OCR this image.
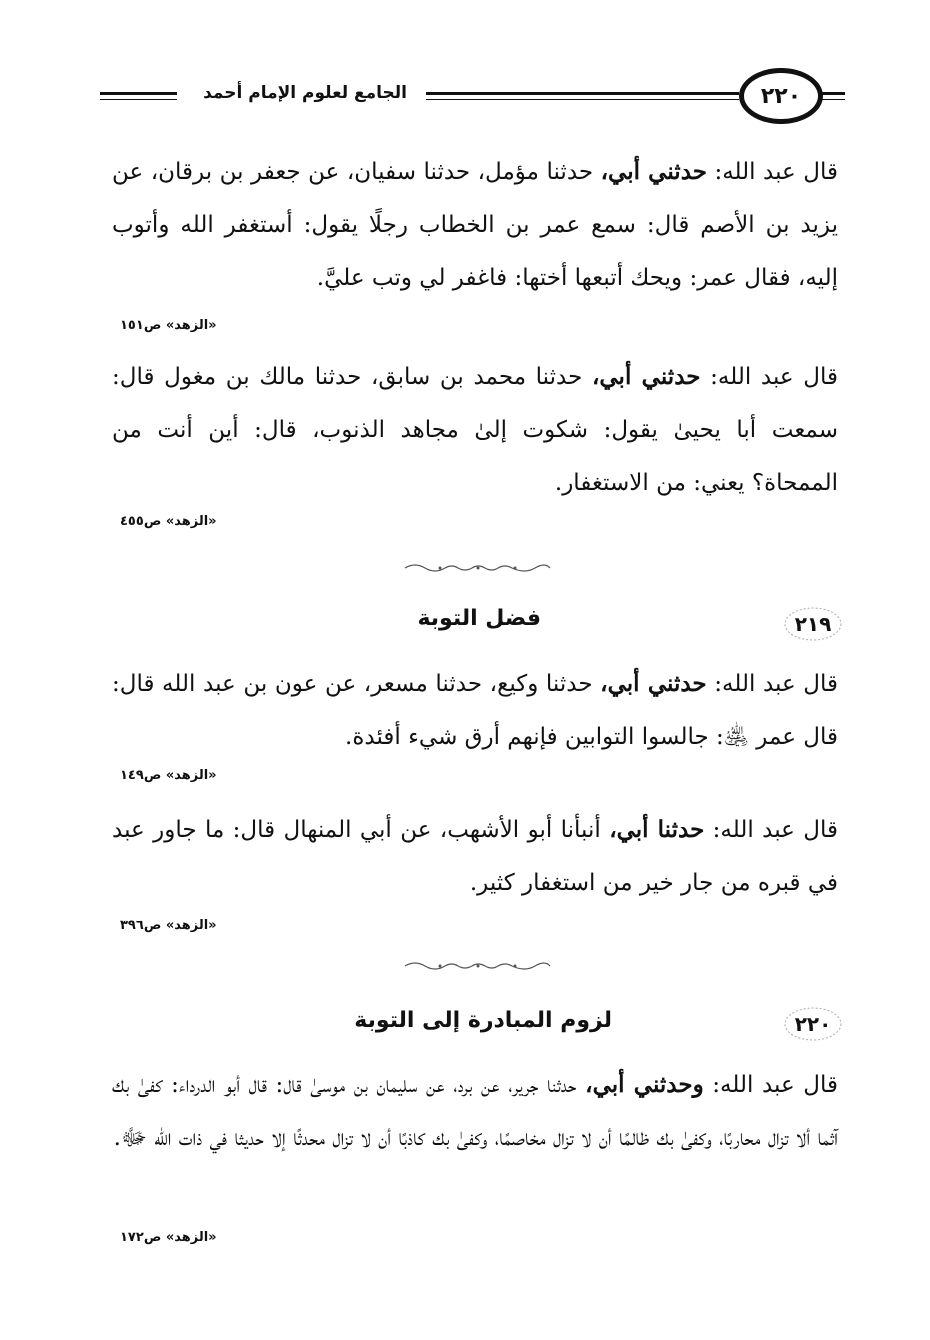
٢٢٠
الجامع لعلوم الإمام أحمد

قال عبد الله: حدثني أبي، حدثنا مؤمل، حدثنا سفيان، عن جعفر بن برقان، عن يزيد بن الأصم قال: سمع عمر بن الخطاب رجلًا يقول: أستغفر الله وأتوب إليه، فقال عمر: ويحك أتبعها أختها: فاغفر لي وتب عليَّ.

«الزهد» ص١٥١

قال عبد الله: حدثني أبي، حدثنا محمد بن سابق، حدثنا مالك بن مغول قال: سمعت أبا يحيىٰ يقول: شكوت إلىٰ مجاهد الذنوب، قال: أين أنت من الممحاة؟ يعني: من الاستغفار.

«الزهد» ص٤٥٥
٢١٩
فضل التوبة

قال عبد الله: حدثني أبي، حدثنا وكيع، حدثنا مسعر، عن عون بن عبد الله قال: قال عمر ﵁: جالسوا التوابين فإنهم أرق شيء أفئدة.

«الزهد» ص١٤٩

قال عبد الله: حدثنا أبي، أنبأنا أبو الأشهب، عن أبي المنهال قال: ما جاور عبد في قبره من جار خير من استغفار كثير.

«الزهد» ص٣٩٦
٢٢٠
لزوم المبادرة إلى التوبة

قال عبد الله: وحدثني أبي، حدثنا جرير، عن برد، عن سليمان بن موسىٰ قال: قال أبو الدرداء: كفىٰ بك آثما ألا تزال محاربًا، وكفىٰ بك ظالمًا أن لا تزال مخاصمًا، وكفىٰ بك كاذبًا أن لا تزال محدثًا إلا حديثا في ذات الله ﷻ.

«الزهد» ص١٧٢
